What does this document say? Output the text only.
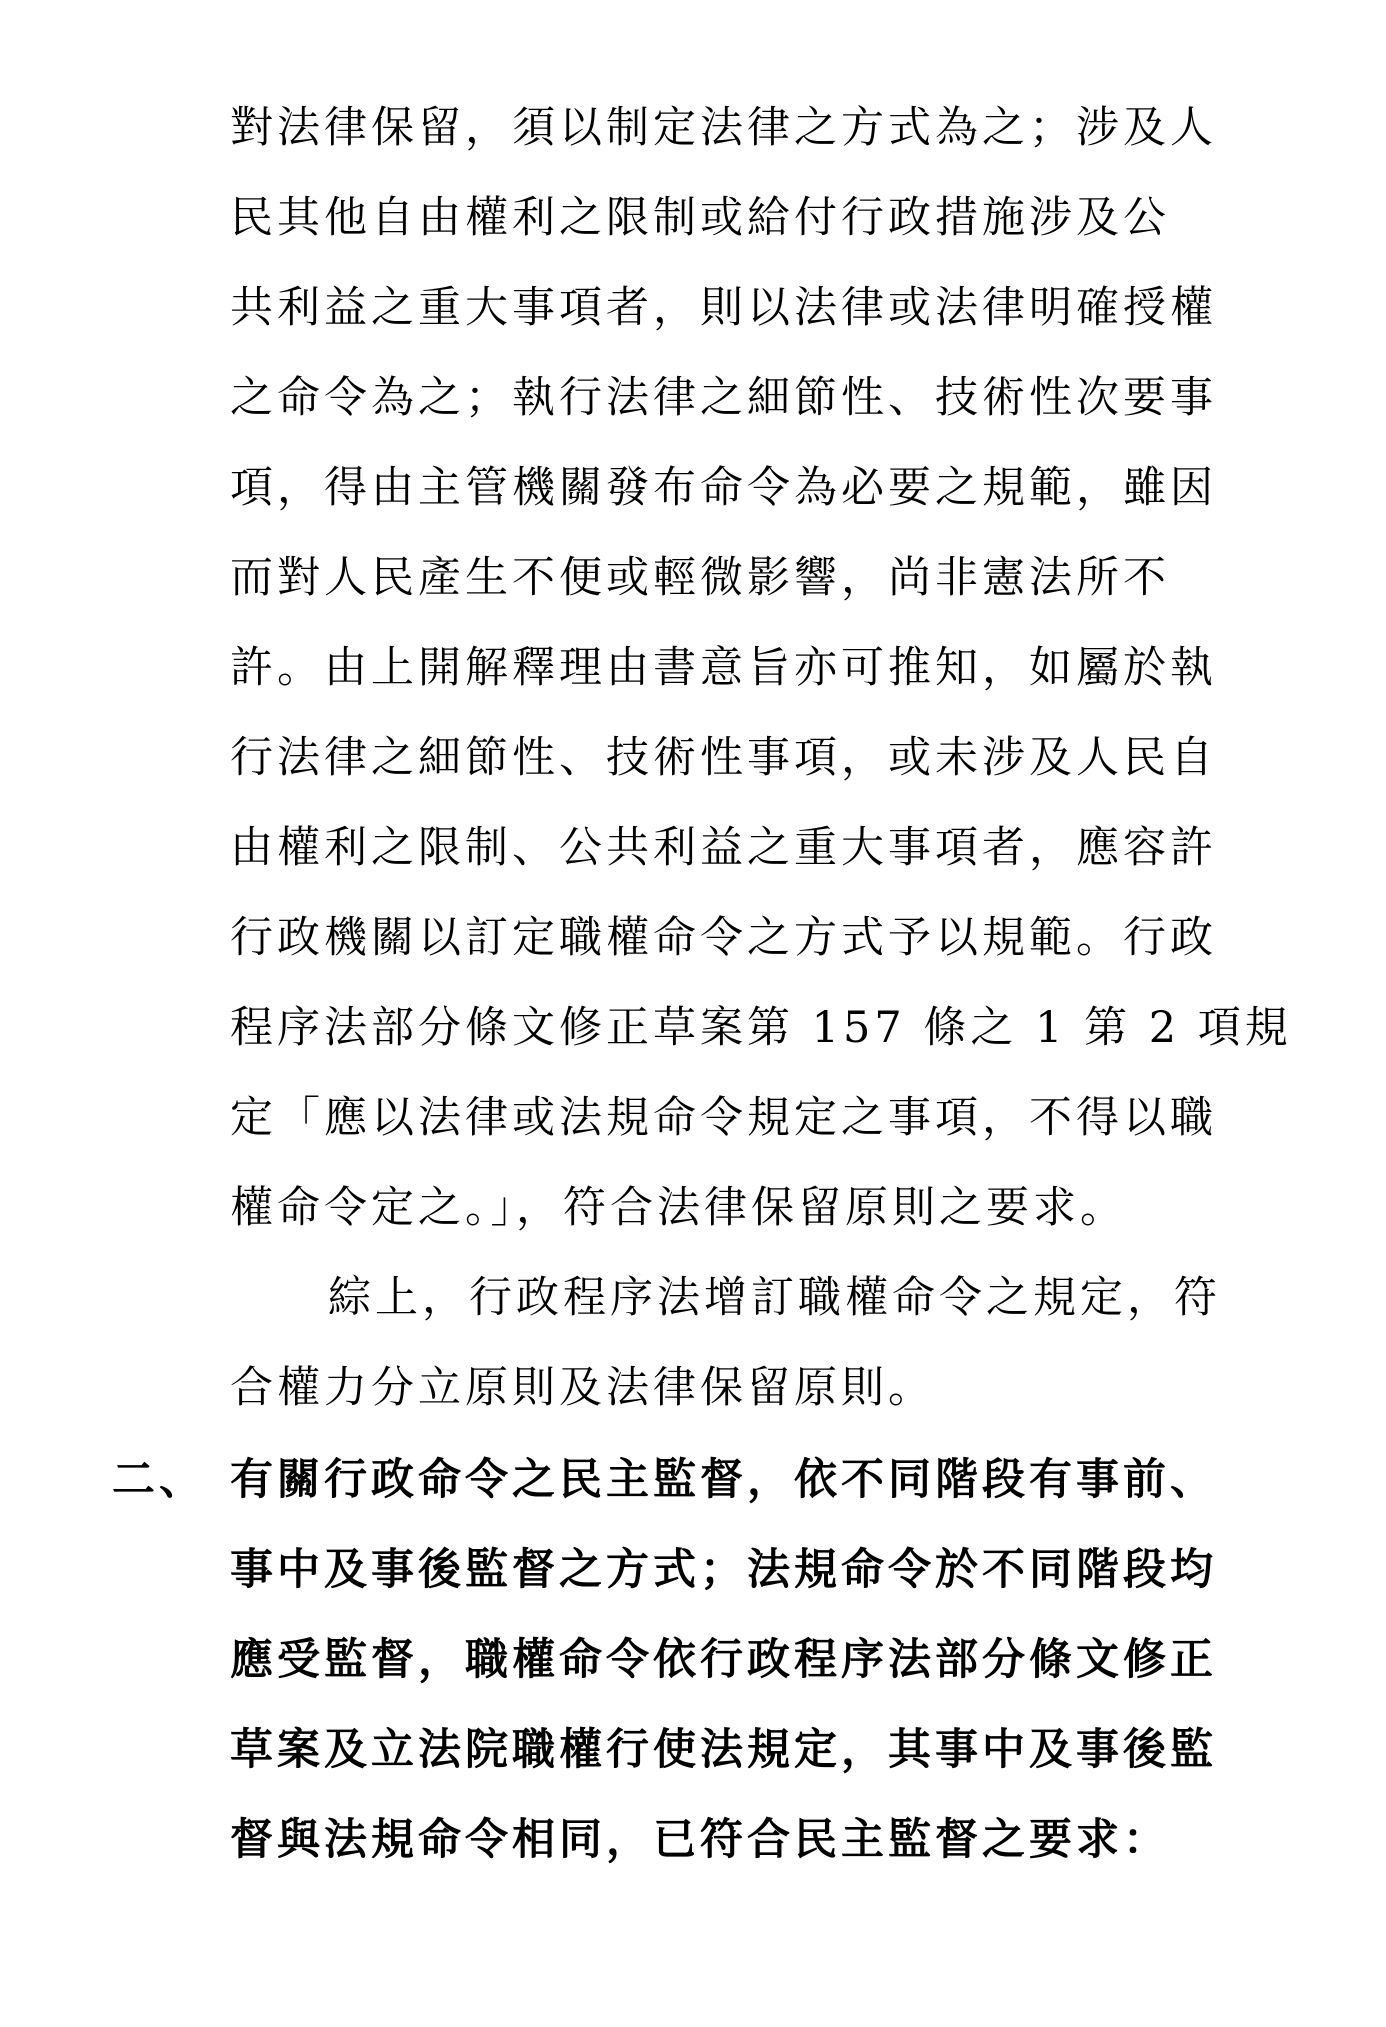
對法律保留，須以制定法律之方式為之；涉及人
民其他自由權利之限制或給付行政措施涉及公
共利益之重大事項者，則以法律或法律明確授權
之命令為之；執行法律之細節性、技術性次要事
項，得由主管機關發布命令為必要之規範，雖因
而對人民產生不便或輕微影響，尚非憲法所不
許。由上開解釋理由書意旨亦可推知，如屬於執
行法律之細節性、技術性事項，或未涉及人民自
由權利之限制、公共利益之重大事項者，應容許
行政機關以訂定職權命令之方式予以規範。行政
程序法部分條文修正草案第 157 條之 1 第 2 項規
定「應以法律或法規命令規定之事項，不得以職
權命令定之。」，符合法律保留原則之要求。
綜上，行政程序法增訂職權命令之規定，符
合權力分立原則及法律保留原則。
二、 有關行政命令之民主監督，依不同階段有事前、
事中及事後監督之方式；法規命令於不同階段均
應受監督，職權命令依行政程序法部分條文修正
草案及立法院職權行使法規定，其事中及事後監
督與法規命令相同，已符合民主監督之要求：
